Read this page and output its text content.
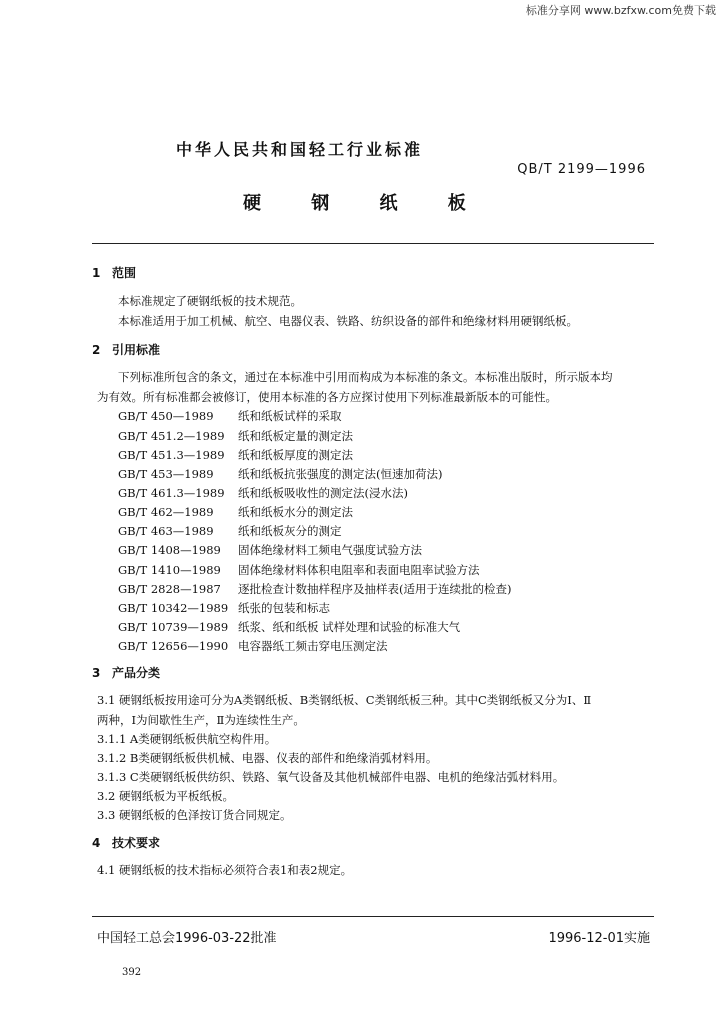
标准分享网 www.bzfxw.com免费下载
中华人民共和国轻工行业标准
QB/T 2199—1996
硬 钢 纸 板
1 范围
本标准规定了硬钢纸板的技术规范。
本标准适用于加工机械、航空、电器仪表、铁路、纺织设备的部件和绝缘材料用硬钢纸板。
2 引用标准
下列标准所包含的条文，通过在本标准中引用而构成为本标准的条文。本标准出版时，所示版本均
为有效。所有标准都会被修订，使用本标准的各方应探讨使用下列标准最新版本的可能性。
GB/T 450—1989 纸和纸板试样的采取
GB/T 451.2—1989 纸和纸板定量的测定法
GB/T 451.3—1989 纸和纸板厚度的测定法
GB/T 453—1989 纸和纸板抗张强度的测定法(恒速加荷法)
GB/T 461.3—1989 纸和纸板吸收性的测定法(浸水法)
GB/T 462—1989 纸和纸板水分的测定法
GB/T 463—1989 纸和纸板灰分的测定
GB/T 1408—1989 固体绝缘材料工频电气强度试验方法
GB/T 1410—1989 固体绝缘材料体积电阻率和表面电阻率试验方法
GB/T 2828—1987 逐批检查计数抽样程序及抽样表(适用于连续批的检查)
GB/T 10342—1989 纸张的包装和标志
GB/T 10739—1989 纸浆、纸和纸板 试样处理和试验的标准大气
GB/T 12656—1990 电容器纸工频击穿电压测定法
3 产品分类
3.1 硬钢纸板按用途可分为A类钢纸板、B类钢纸板、C类钢纸板三种。其中C类钢纸板又分为Ⅰ、Ⅱ
两种，Ⅰ为间歇性生产，Ⅱ为连续性生产。
3.1.1 A类硬钢纸板供航空构件用。
3.1.2 B类硬钢纸板供机械、电器、仪表的部件和绝缘消弧材料用。
3.1.3 C类硬钢纸板供纺织、铁路、氧气设备及其他机械部件电器、电机的绝缘沽弧材料用。
3.2 硬钢纸板为平板纸板。
3.3 硬钢纸板的色泽按订货合同规定。
4 技术要求
4.1 硬钢纸板的技术指标必须符合表1和表2规定。
中国轻工总会1996-03-22批准	1996-12-01实施
392
